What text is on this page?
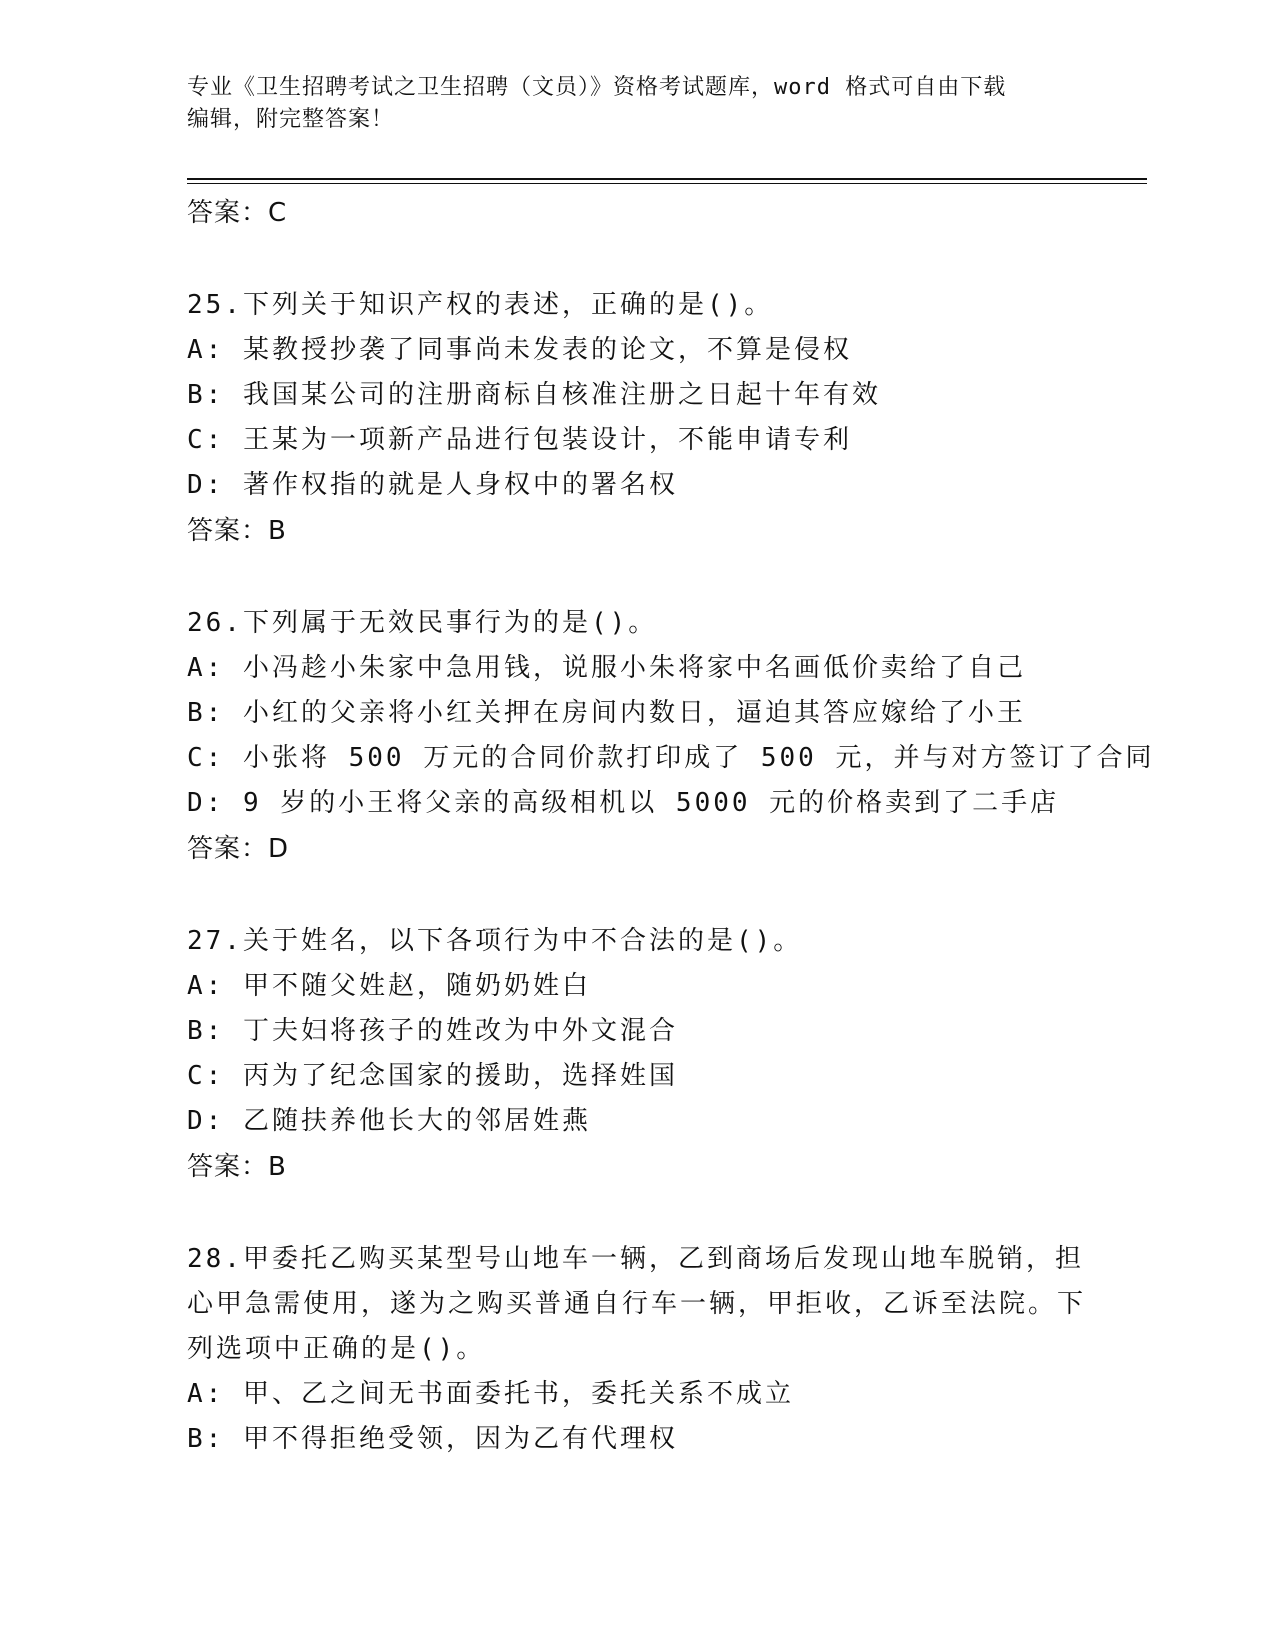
专业《卫生招聘考试之卫生招聘（文员）》资格考试题库，word 格式可自由下载
编辑，附完整答案！
答案：C
25.下列关于知识产权的表述，正确的是()。
A: 某教授抄袭了同事尚未发表的论文，不算是侵权
B: 我国某公司的注册商标自核准注册之日起十年有效
C: 王某为一项新产品进行包装设计，不能申请专利
D: 著作权指的就是人身权中的署名权
答案：B
26.下列属于无效民事行为的是()。
A: 小冯趁小朱家中急用钱，说服小朱将家中名画低价卖给了自己
B: 小红的父亲将小红关押在房间内数日，逼迫其答应嫁给了小王
C: 小张将 500 万元的合同价款打印成了 500 元，并与对方签订了合同
D: 9 岁的小王将父亲的高级相机以 5000 元的价格卖到了二手店
答案：D
27.关于姓名，以下各项行为中不合法的是()。
A: 甲不随父姓赵，随奶奶姓白
B: 丁夫妇将孩子的姓改为中外文混合
C: 丙为了纪念国家的援助，选择姓国
D: 乙随扶养他长大的邻居姓燕
答案：B
28.甲委托乙购买某型号山地车一辆，乙到商场后发现山地车脱销，担心甲急需使用，遂为之购买普通自行车一辆，甲拒收，乙诉至法院。下列选项中正确的是()。
A: 甲、乙之间无书面委托书，委托关系不成立
B: 甲不得拒绝受领，因为乙有代理权
